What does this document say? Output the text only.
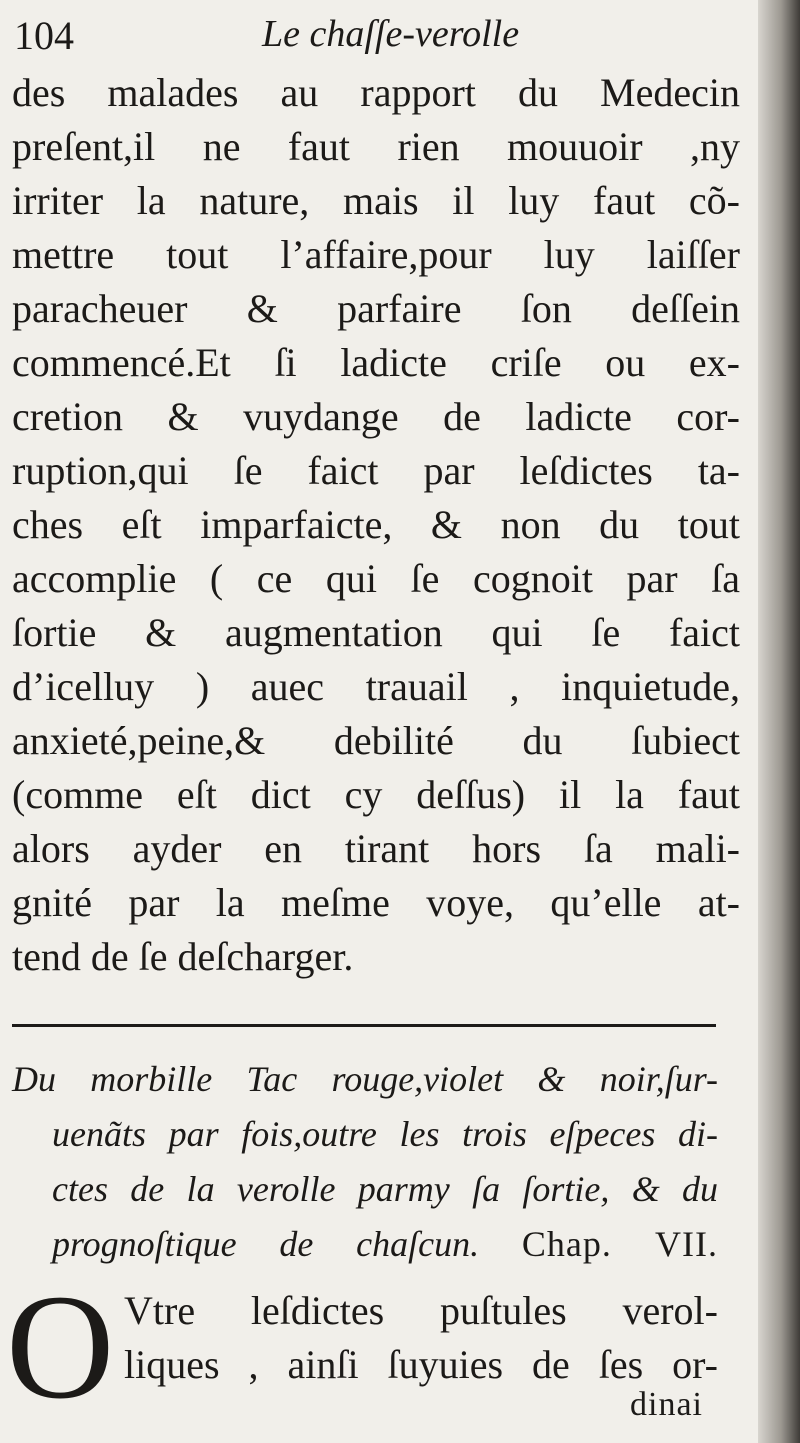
104	Le chaſſe-verolle
des malades au rapport du Medecin
preſent,il ne faut rien mouuoir ,ny
irriter la nature, mais il luy faut cõ-
mettre tout l’affaire,pour luy laiſſer
paracheuer & parfaire ſon deſſein
commencé.Et ſi ladicte criſe ou ex-
cretion & vuydange de ladicte cor-
ruption,qui ſe faict par leſdictes ta-
ches eſt imparfaicte, & non du tout
accomplie ( ce qui ſe cognoit par ſa
ſortie & augmentation qui ſe faict
d’icelluy ) auec trauail , inquietude,
anxieté,peine,& debilité du ſubiect
(comme eſt dict cy deſſus) il la faut
alors ayder en tirant hors ſa mali-
gnité par la meſme voye, qu’elle at-
tend de ſe deſcharger.
Du morbille Tac rouge,violet & noir,ſur-
uenãts par fois,outre les trois eſpeces di-
ctes de la verolle parmy ſa ſortie, & du
prognoſtique de chaſcun. Chap. VII.
O Vtre leſdictes puſtules verol-
liques , ainſi ſuyuies de ſes or-
dinai
